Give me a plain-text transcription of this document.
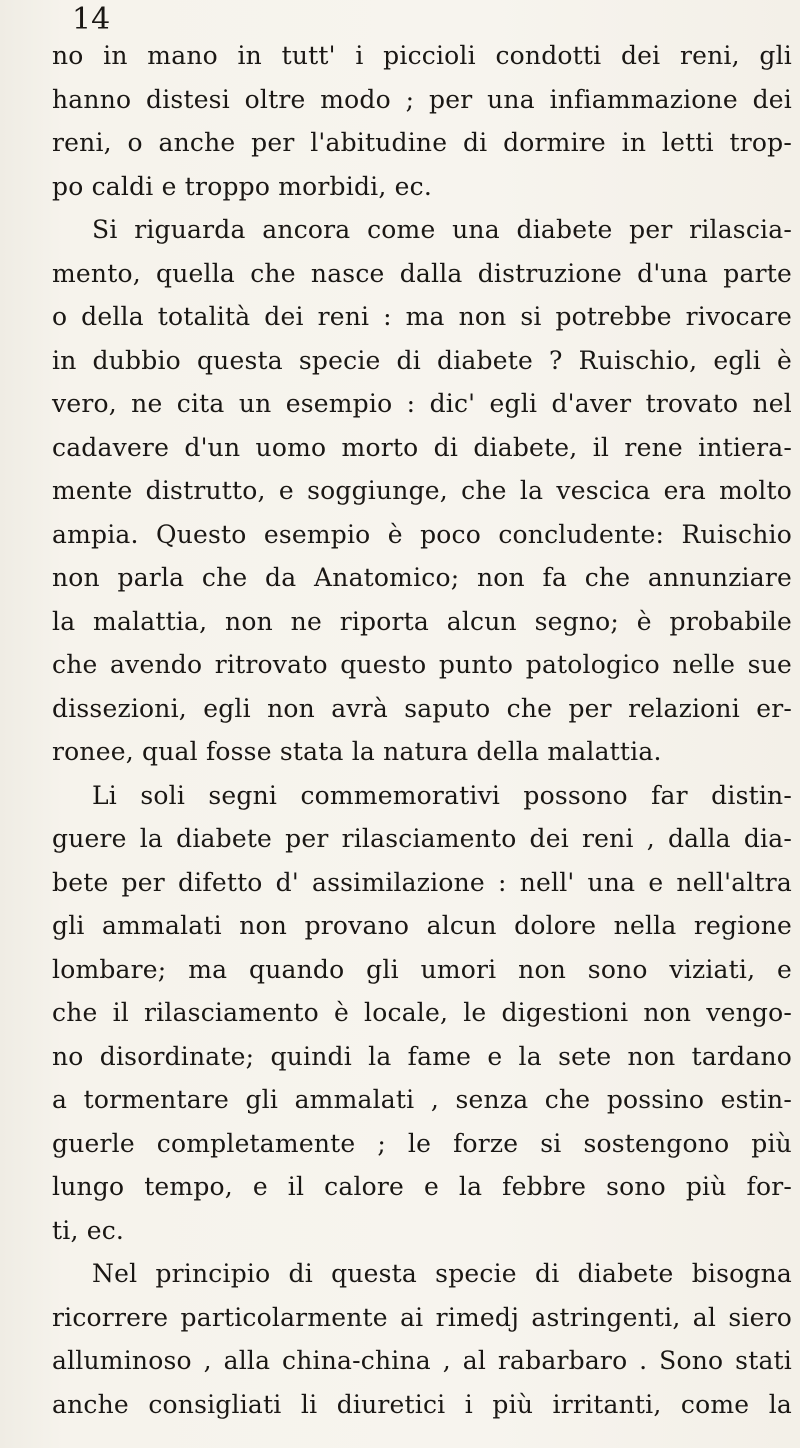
14
no in mano in tutt' i piccioli condotti dei reni, gli
hanno distesi oltre modo ; per una infiammazione dei
reni, o anche per l'abitudine di dormire in letti trop-
po caldi e troppo morbidi, ec.
Si riguarda ancora come una diabete per rilascia-
mento, quella che nasce dalla distruzione d'una parte
o della totalità dei reni : ma non si potrebbe rivocare
in dubbio questa specie di diabete ? Ruischio, egli è
vero, ne cita un esempio : dic' egli d'aver trovato nel
cadavere d'un uomo morto di diabete, il rene intiera-
mente distrutto, e soggiunge, che la vescica era molto
ampia. Questo esempio è poco concludente: Ruischio
non parla che da Anatomico; non fa che annunziare
la malattia, non ne riporta alcun segno; è probabile
che avendo ritrovato questo punto patologico nelle sue
dissezioni, egli non avrà saputo che per relazioni er-
ronee, qual fosse stata la natura della malattia.
Li soli segni commemorativi possono far distin-
guere la diabete per rilasciamento dei reni , dalla dia-
bete per difetto d' assimilazione : nell' una e nell'altra
gli ammalati non provano alcun dolore nella regione
lombare; ma quando gli umori non sono viziati, e
che il rilasciamento è locale, le digestioni non vengo-
no disordinate; quindi la fame e la sete non tardano
a tormentare gli ammalati , senza che possino estin-
guerle completamente ; le forze si sostengono più
lungo tempo, e il calore e la febbre sono più for-
ti, ec.
Nel principio di questa specie di diabete bisogna
ricorrere particolarmente ai rimedj astringenti, al siero
alluminoso , alla china-china , al rabarbaro . Sono stati
anche consigliati li diuretici i più irritanti, come la
